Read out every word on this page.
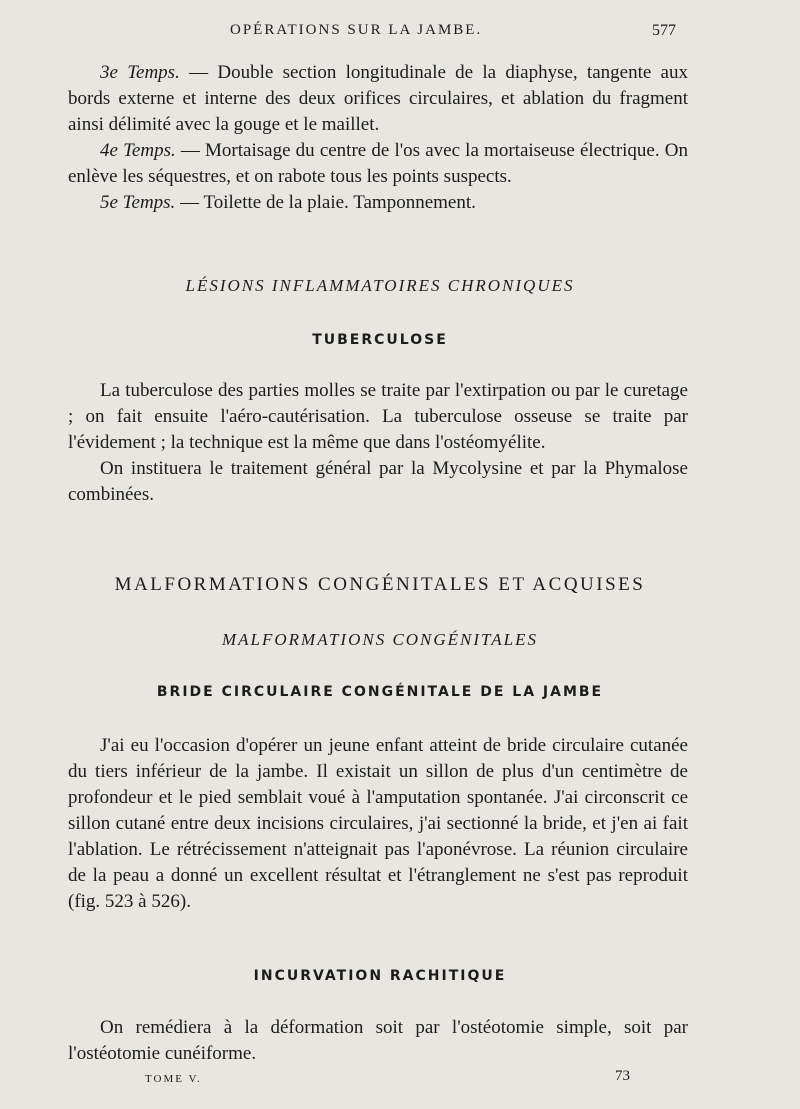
OPÉRATIONS SUR LA JAMBE.	577

3e Temps. — Double section longitudinale de la diaphyse, tangente aux bords externe et interne des deux orifices circulaires, et ablation du fragment ainsi délimité avec la gouge et le maillet.

4e Temps. — Mortaisage du centre de l'os avec la mortaiseuse électrique. On enlève les séquestres, et on rabote tous les points suspects.

5e Temps. — Toilette de la plaie. Tamponnement.

LÉSIONS INFLAMMATOIRES CHRONIQUES
TUBERCULOSE

La tuberculose des parties molles se traite par l'extirpation ou par le curetage ; on fait ensuite l'aéro-cautérisation. La tuberculose osseuse se traite par l'évidement ; la technique est la même que dans l'ostéomyélite.

On instituera le traitement général par la Mycolysine et par la Phymalose combinées.

MALFORMATIONS CONGÉNITALES ET ACQUISES
MALFORMATIONS CONGÉNITALES
BRIDE CIRCULAIRE CONGÉNITALE DE LA JAMBE

J'ai eu l'occasion d'opérer un jeune enfant atteint de bride circulaire cutanée du tiers inférieur de la jambe. Il existait un sillon de plus d'un centimètre de profondeur et le pied semblait voué à l'amputation spontanée. J'ai circonscrit ce sillon cutané entre deux incisions circulaires, j'ai sectionné la bride, et j'en ai fait l'ablation. Le rétrécissement n'atteignait pas l'aponévrose. La réunion circulaire de la peau a donné un excellent résultat et l'étranglement ne s'est pas reproduit (fig. 523 à 526).

INCURVATION RACHITIQUE

On remédiera à la déformation soit par l'ostéotomie simple, soit par l'ostéotomie cunéiforme.

TOME V.	73
